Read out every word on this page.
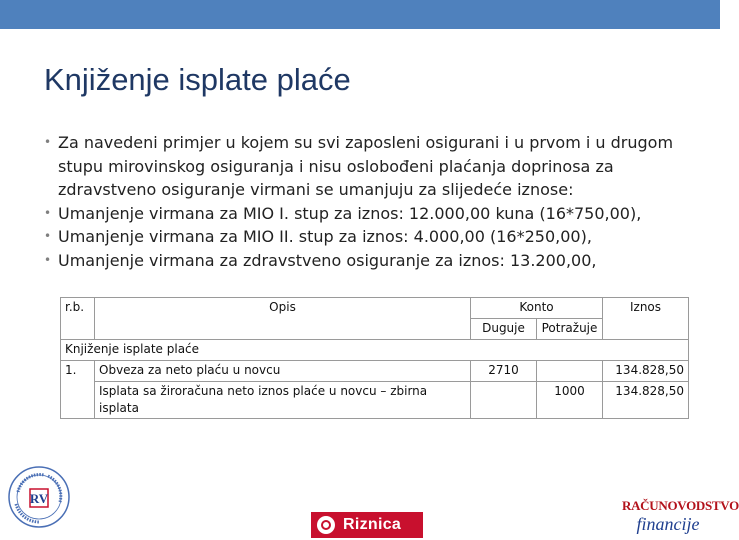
Knjiženje isplate plaće
• Za navedeni primjer u kojem su svi zaposleni osigurani i u prvom i u drugom stupu mirovinskog osiguranja i nisu oslobođeni plaćanja doprinosa za zdravstveno osiguranje virmani se umanjuju za slijedeće iznose:
• Umanjenje virmana za MIO I. stup za iznos: 12.000,00 kuna (16*750,00),
• Umanjenje virmana za MIO II. stup za iznos: 4.000,00 (16*250,00),
• Umanjenje virmana za zdravstveno osiguranje za iznos: 13.200,00,
r.b.	Opis	Konto		Iznos
		Duguje	Potražuje	
Knjiženje isplate plaće				
1.	Obveza za neto plaću u novcu	2710		134.828,50
	Isplata sa žiroračuna neto iznos plaće u novcu – zbirna isplata		1000	134.828,50
RV
Riznica
RAČUNOVODSTVO
financije
